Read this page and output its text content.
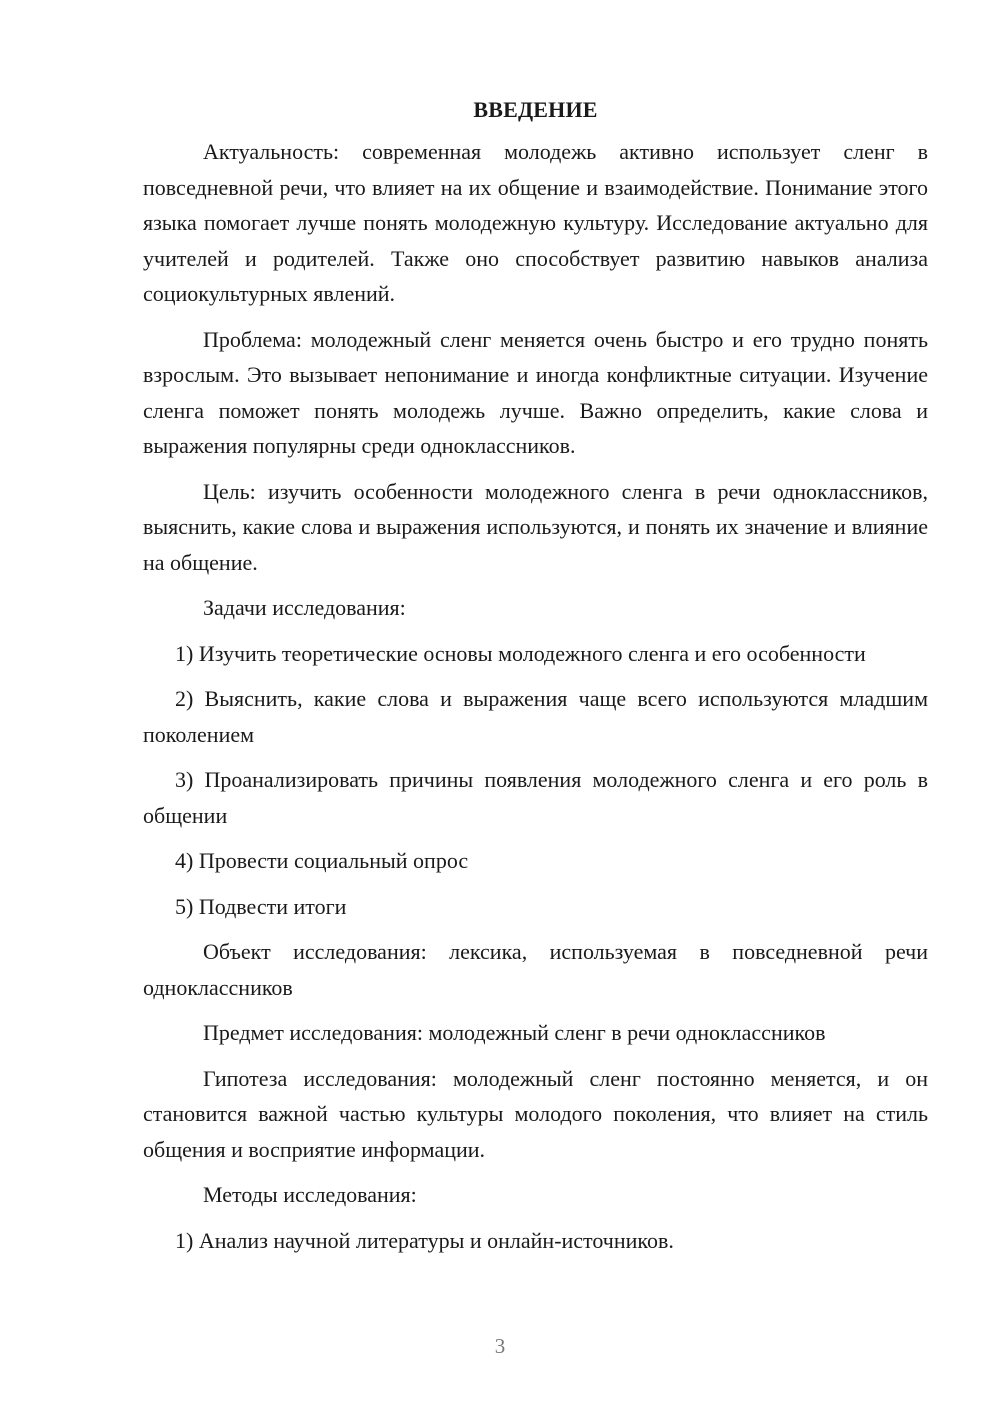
ВВЕДЕНИЕ

Актуальность: современная молодежь активно использует сленг в повседневной речи, что влияет на их общение и взаимодействие. Понимание этого языка помогает лучше понять молодежную культуру. Исследование актуально для учителей и родителей. Также оно способствует развитию навыков анализа социокультурных явлений.

Проблема: молодежный сленг меняется очень быстро и его трудно понять взрослым. Это вызывает непонимание и иногда конфликтные ситуации. Изучение сленга поможет понять молодежь лучше. Важно определить, какие слова и выражения популярны среди одноклассников.

Цель: изучить особенности молодежного сленга в речи одноклассников, выяснить, какие слова и выражения используются, и понять их значение и влияние на общение.

Задачи исследования:

1) Изучить теоретические основы молодежного сленга и его особенности

2) Выяснить, какие слова и выражения чаще всего используются младшим поколением

3) Проанализировать причины появления молодежного сленга и его роль в общении

4) Провести социальный опрос

5) Подвести итоги

Объект исследования: лексика, используемая в повседневной речи одноклассников

Предмет исследования: молодежный сленг в речи одноклассников

Гипотеза исследования: молодежный сленг постоянно меняется, и он становится важной частью культуры молодого поколения, что влияет на стиль общения и восприятие информации.

Методы исследования:

1) Анализ научной литературы и онлайн-источников.

3
